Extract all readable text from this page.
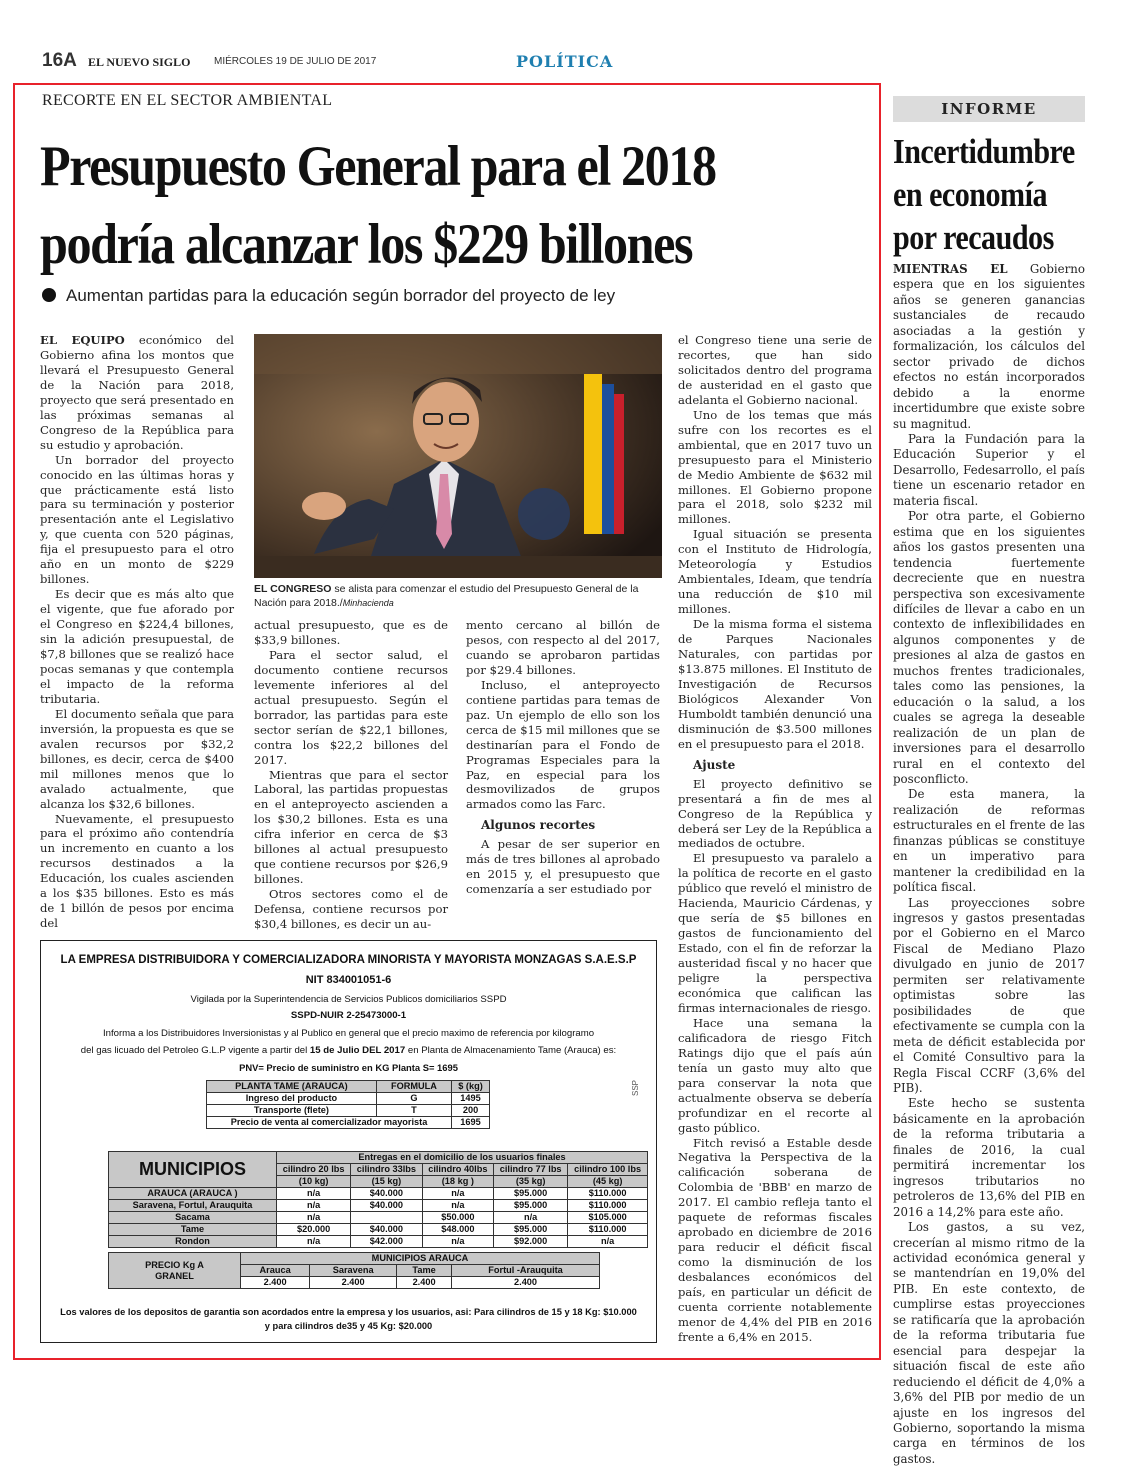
16A EL NUEVO SIGLO MIÉRCOLES 19 DE JULIO DE 2017	POLÍTICA
RECORTE EN EL SECTOR AMBIENTAL
Presupuesto General para el 2018
podría alcanzar los $229 billones
Aumentan partidas para la educación según borrador del proyecto de ley

EL EQUIPO económico del Gobierno afina los montos que llevará el Presupuesto General de la Nación para 2018, proyecto que será presentado en las próximas semanas al Congreso de la República para su estudio y aprobación.

Un borrador del proyecto conocido en las últimas horas y que prácticamente está listo para su terminación y posterior presentación ante el Legislativo y, que cuenta con 520 páginas, fija el presupuesto para el otro año en un monto de $229 billones.

Es decir que es más alto que el vigente, que fue aforado por el Congreso en $224,4 billones, sin la adición presupuestal, de $7,8 billones que se realizó hace pocas semanas y que contempla el impacto de la reforma tributaria.

El documento señala que para inversión, la propuesta es que se avalen recursos por $32,2 billones, es decir, cerca de $400 mil millones menos que lo avalado actualmente, que alcanza los $32,6 billones.

Nuevamente, el presupuesto para el próximo año contendría un incremento en cuanto a los recursos destinados a la Educación, los cuales ascienden a los $35 billones. Esto es más de 1 billón de pesos por encima del

EL CONGRESO se alista para comenzar el estudio del Presupuesto General de la Nación para 2018./Minhacienda

actual presupuesto, que es de $33,9 billones.

Para el sector salud, el documento contiene recursos levemente inferiores al del actual presupuesto. Según el borrador, las partidas para este sector serían de $22,1 billones, contra los $22,2 billones del 2017.

Mientras que para el sector Laboral, las partidas propuestas en el anteproyecto ascienden a los $30,2 billones. Esta es una cifra inferior en cerca de $3 billones al actual presupuesto que contiene recursos por $26,9 billones.

Otros sectores como el de Defensa, contiene recursos por $30,4 billones, es decir un au-

mento cercano al billón de pesos, con respecto al del 2017, cuando se aprobaron partidas por $29.4 billones.

Incluso, el anteproyecto contiene partidas para temas de paz. Un ejemplo de ello son los cerca de $15 mil millones que se destinarían para el Fondo de Programas Especiales para la Paz, en especial para los desmovilizados de grupos armados como las Farc.

Algunos recortes

A pesar de ser superior en más de tres billones al aprobado en 2015 y, el presupuesto que comenzaría a ser estudiado por

el Congreso tiene una serie de recortes, que han sido solicitados dentro del programa de austeridad en el gasto que adelanta el Gobierno nacional.

Uno de los temas que más sufre con los recortes es el ambiental, que en 2017 tuvo un presupuesto para el Ministerio de Medio Ambiente de $632 mil millones. El Gobierno propone para el 2018, solo $232 mil millones.

Igual situación se presenta con el Instituto de Hidrología, Meteorología y Estudios Ambientales, Ideam, que tendría una reducción de $10 mil millones.

De la misma forma el sistema de Parques Nacionales Naturales, con partidas por $13.875 millones. El Instituto de Investigación de Recursos Biológicos Alexander Von Humboldt también denunció una disminución de $3.500 millones en el presupuesto para el 2018.

Ajuste

El proyecto definitivo se presentará a fin de mes al Congreso de la República y deberá ser Ley de la República a mediados de octubre.

El presupuesto va paralelo a la política de recorte en el gasto público que reveló el ministro de Hacienda, Mauricio Cárdenas, y que sería de $5 billones en gastos de funcionamiento del Estado, con el fin de reforzar la austeridad fiscal y no hacer que peligre la perspectiva económica que califican las firmas internacionales de riesgo.

Hace una semana la calificadora de riesgo Fitch Ratings dijo que el país aún tenía un gasto muy alto que para conservar la nota que actualmente observa se debería profundizar en el recorte al gasto público.

Fitch revisó a Estable desde Negativa la Perspectiva de la calificación soberana de Colombia de 'BBB' en marzo de 2017. El cambio refleja tanto el paquete de reformas fiscales aprobado en diciembre de 2016 para reducir el déficit fiscal como la disminución de los desbalances económicos del país, en particular un déficit de cuenta corriente notablemente menor de 4,4% del PIB en 2016 frente a 6,4% en 2015.

LA EMPRESA DISTRIBUIDORA Y COMERCIALIZADORA MINORISTA Y MAYORISTA MONZAGAS S.A.E.S.P
NIT 834001051-6
Vigilada por la Superintendencia de Servicios Publicos domiciliarios SSPD
SSPD-NUIR 2-25473000-1
Informa a los Distribuidores Inversionistas y al Publico en general que el precio maximo de referencia por kilogramo
del gas licuado del Petroleo G.L.P vigente a partir del 15 de Julio DEL 2017 en Planta de Almacenamiento Tame (Arauca) es:
PNV= Precio de suministro en KG Planta S= 1695
SSP
PLANTA TAME (ARAUCA)	FORMULA	$ (kg)
Ingreso del producto	G	1495
Transporte (flete)	T	200
Precio de venta al comercializador mayorista		1695
MUNICIPIOS	Entregas en el domicilio de los usuarios finales				
	cilindro 20 lbs	cilindro 33lbs	cilindro 40lbs	cilindro 77 lbs	cilindro 100 lbs
	(10 kg)	(15 kg)	(18 kg )	(35 kg)	(45 kg)
ARAUCA (ARAUCA )	n/a	$40.000	n/a	$95.000	$110.000
Saravena, Fortul, Arauquita	n/a	$40.000	n/a	$95.000	$110.000
Sacama	n/a		$50.000	n/a	$105.000
Tame	$20.000	$40.000	$48.000	$95.000	$110.000
Rondon	n/a	$42.000	n/a	$92.000	n/a
PRECIO Kg A
GRANEL	MUNICIPIOS ARAUCA			
	Arauca	Saravena	Tame	Fortul -Arauquita
	2.400	2.400	2.400	2.400
Los valores de los depositos de garantia son acordados entre la empresa y los usuarios, asi: Para cilindros de 15 y 18 Kg: $10.000
y para cilindros de35 y 45 Kg: $20.000
INFORME
Incertidumbre
en economía
por recaudos

MIENTRAS EL Gobierno espera que en los siguientes años se generen ganancias sustanciales de recaudo asociadas a la gestión y formalización, los cálculos del sector privado de dichos efectos no están incorporados debido a la enorme incertidumbre que existe sobre su magnitud.

Para la Fundación para la Educación Superior y el Desarrollo, Fedesarrollo, el país tiene un escenario retador en materia fiscal.

Por otra parte, el Gobierno estima que en los siguientes años los gastos presenten una tendencia fuertemente decreciente que en nuestra perspectiva son excesivamente difíciles de llevar a cabo en un contexto de inflexibilidades en algunos componentes y de presiones al alza de gastos en muchos frentes tradicionales, tales como las pensiones, la educación o la salud, a los cuales se agrega la deseable realización de un plan de inversiones para el desarrollo rural en el contexto del posconflicto.

De esta manera, la realización de reformas estructurales en el frente de las finanzas públicas se constituye en un imperativo para mantener la credibilidad en la política fiscal.

Las proyecciones sobre ingresos y gastos presentadas por el Gobierno en el Marco Fiscal de Mediano Plazo divulgado en junio de 2017 permiten ser relativamente optimistas sobre las posibilidades de que efectivamente se cumpla con la meta de déficit establecida por el Comité Consultivo para la Regla Fiscal CCRF (3,6% del PIB).

Este hecho se sustenta básicamente en la aprobación de la reforma tributaria a finales de 2016, la cual permitirá incrementar los ingresos tributarios no petroleros de 13,6% del PIB en 2016 a 14,2% para este año.

Los gastos, a su vez, crecerían al mismo ritmo de la actividad económica general y se mantendrían en 19,0% del PIB. En este contexto, de cumplirse estas proyecciones se ratificaría que la aprobación de la reforma tributaria fue esencial para despejar la situación fiscal de este año reduciendo el déficit de 4,0% a 3,6% del PIB por medio de un ajuste en los ingresos del Gobierno, soportando la misma carga en términos de los gastos.
